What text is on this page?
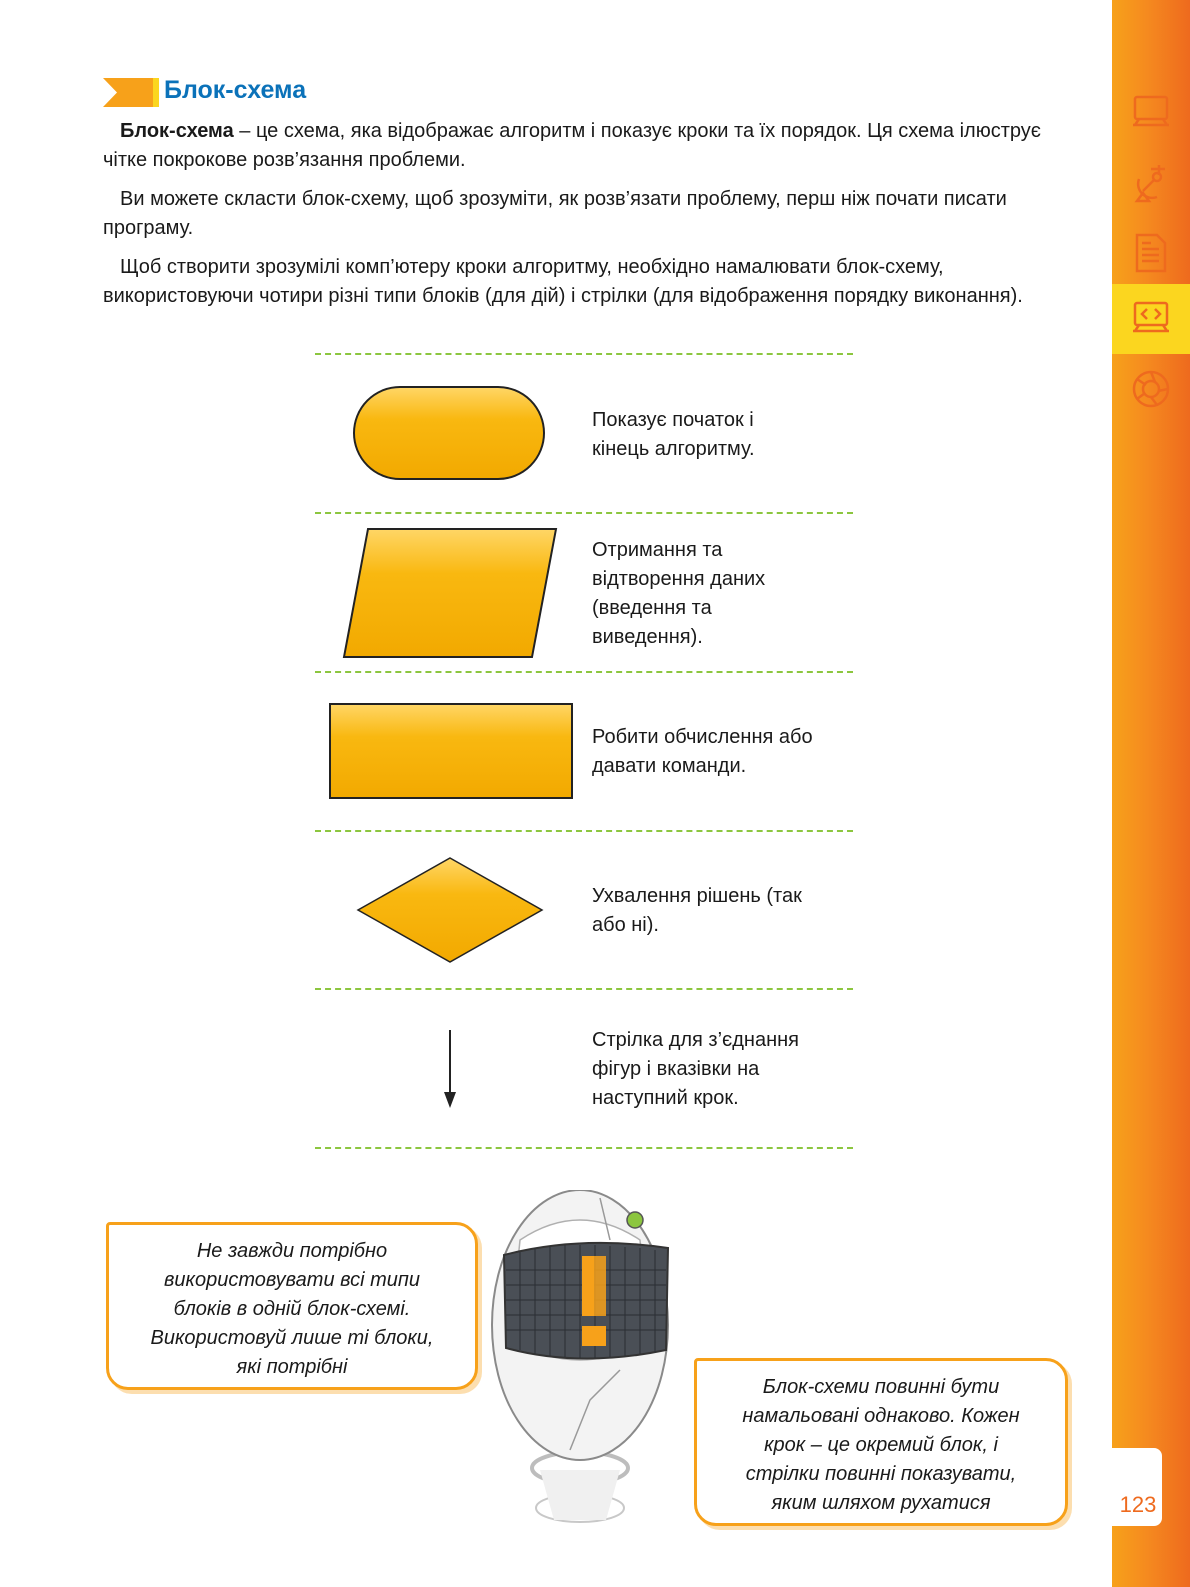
123
Блок-схема

Блок-схема – це схема, яка відображає алгоритм і показує кроки та їх порядок. Ця схема ілюструє чітке покрокове розв’язання проблеми.

Ви можете скласти блок-схему, щоб зрозуміти, як розв’язати проблему, перш ніж почати писати програму.

Щоб створити зрозумілі комп’ютеру кроки алгоритму, необхідно намалювати блок-схему, використовуючи чотири різні типи блоків (для дій) і стрілки (для відображення порядку виконання).

Показує початок і
кінець алгоритму.
Отримання та
відтворення даних
(введення та
виведення).
Робити обчислення або
давати команди.
Ухвалення рішень (так
або ні).
Стрілка для з’єднання
фігур і вказівки на
наступний крок.
Не завжди потрібно
використовувати всі типи
блоків в одній блок-схемі.
Використовуй лише ті блоки,
які потрібні
Блок-схеми повинні бути
намальовані однаково. Кожен
крок – це окремий блок, і
стрілки повинні показувати,
яким шляхом рухатися
